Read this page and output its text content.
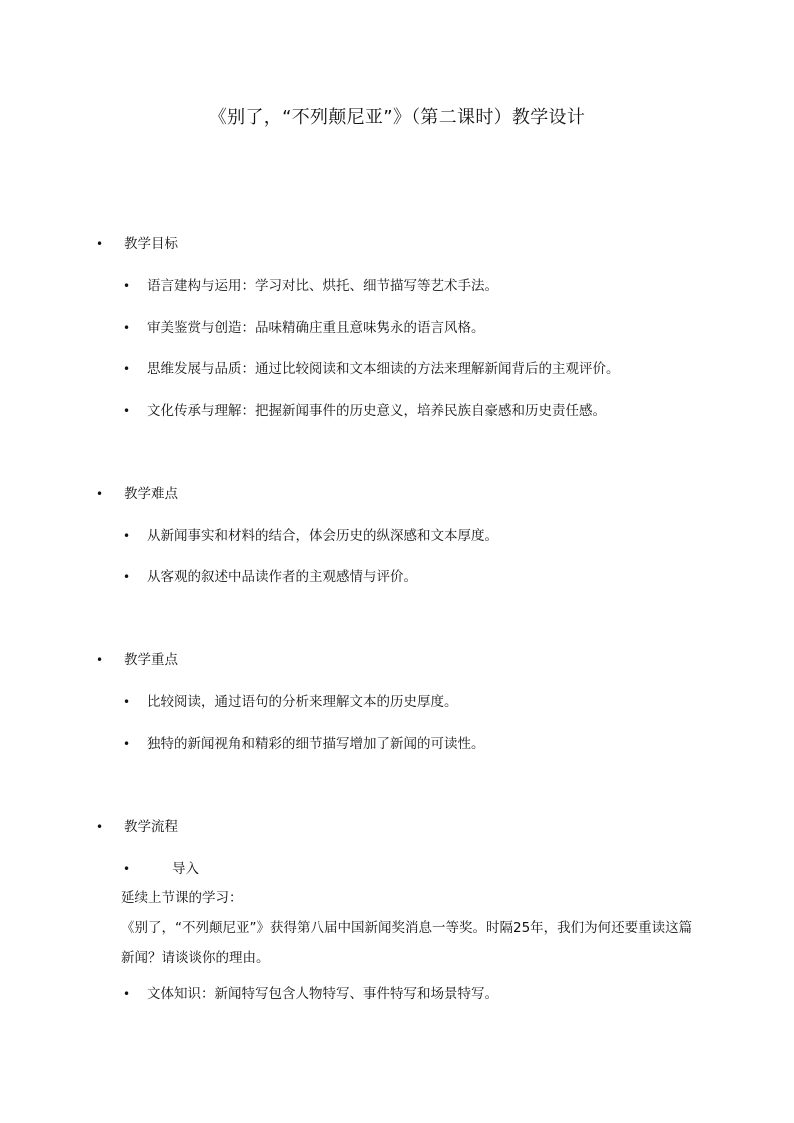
《别了，“不列颠尼亚”》（第二课时）教学设计
• 教学目标
• 语言建构与运用：学习对比、烘托、细节描写等艺术手法。
• 审美鉴赏与创造：品味精确庄重且意味隽永的语言风格。
• 思维发展与品质：通过比较阅读和文本细读的方法来理解新闻背后的主观评价。
• 文化传承与理解：把握新闻事件的历史意义，培养民族自豪感和历史责任感。
• 教学难点
• 从新闻事实和材料的结合，体会历史的纵深感和文本厚度。
• 从客观的叙述中品读作者的主观感情与评价。
• 教学重点
• 比较阅读，通过语句的分析来理解文本的历史厚度。
• 独特的新闻视角和精彩的细节描写增加了新闻的可读性。
• 教学流程
•	导入
延续上节课的学习：
《别了，“不列颠尼亚”》获得第八届中国新闻奖消息一等奖。时隔25年，我们为何还要重读这篇新闻？请谈谈你的理由。
• 文体知识：新闻特写包含人物特写、事件特写和场景特写。
